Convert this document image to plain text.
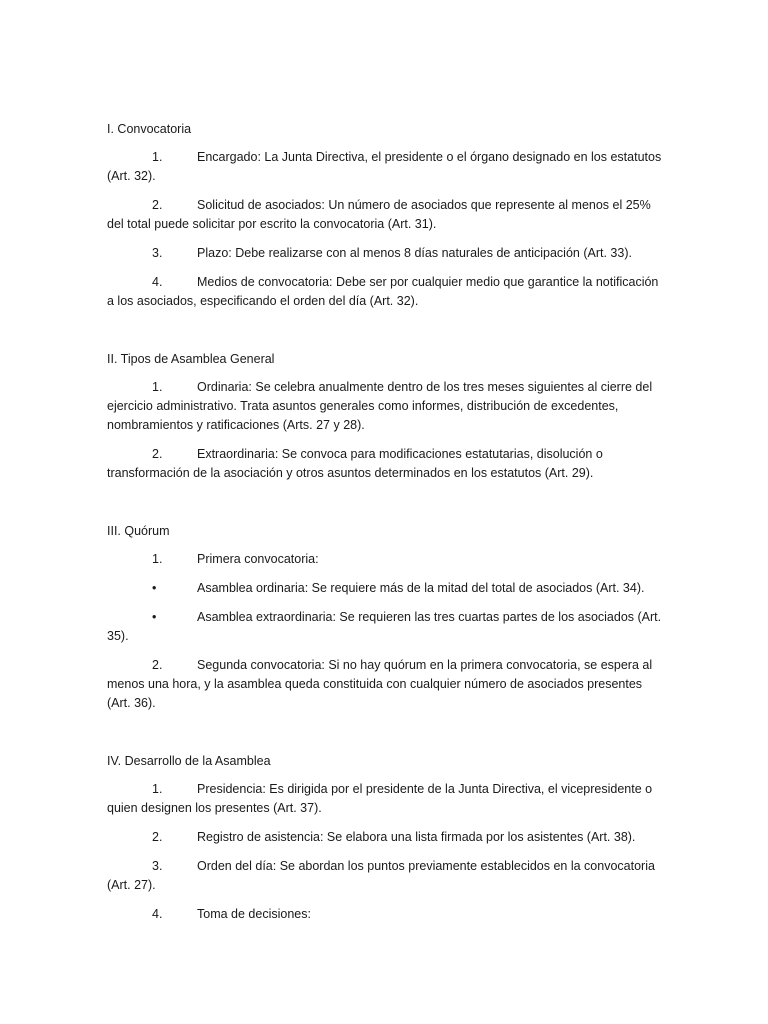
I. Convocatoria

1.	Encargado: La Junta Directiva, el presidente o el órgano designado en los estatutos (Art. 32).

2.	Solicitud de asociados: Un número de asociados que represente al menos el 25% del total puede solicitar por escrito la convocatoria (Art. 31).

3.	Plazo: Debe realizarse con al menos 8 días naturales de anticipación (Art. 33).

4.	Medios de convocatoria: Debe ser por cualquier medio que garantice la notificación a los asociados, especificando el orden del día (Art. 32).

II. Tipos de Asamblea General

1.	Ordinaria: Se celebra anualmente dentro de los tres meses siguientes al cierre del ejercicio administrativo. Trata asuntos generales como informes, distribución de excedentes, nombramientos y ratificaciones (Arts. 27 y 28).

2.	Extraordinaria: Se convoca para modificaciones estatutarias, disolución o transformación de la asociación y otros asuntos determinados en los estatutos (Art. 29).

III. Quórum

1.	Primera convocatoria:

•	Asamblea ordinaria: Se requiere más de la mitad del total de asociados (Art. 34).

•	Asamblea extraordinaria: Se requieren las tres cuartas partes de los asociados (Art. 35).

2.	Segunda convocatoria: Si no hay quórum en la primera convocatoria, se espera al menos una hora, y la asamblea queda constituida con cualquier número de asociados presentes (Art. 36).

IV. Desarrollo de la Asamblea

1.	Presidencia: Es dirigida por el presidente de la Junta Directiva, el vicepresidente o quien designen los presentes (Art. 37).

2.	Registro de asistencia: Se elabora una lista firmada por los asistentes (Art. 38).

3.	Orden del día: Se abordan los puntos previamente establecidos en la convocatoria (Art. 27).

4.	Toma de decisiones:
